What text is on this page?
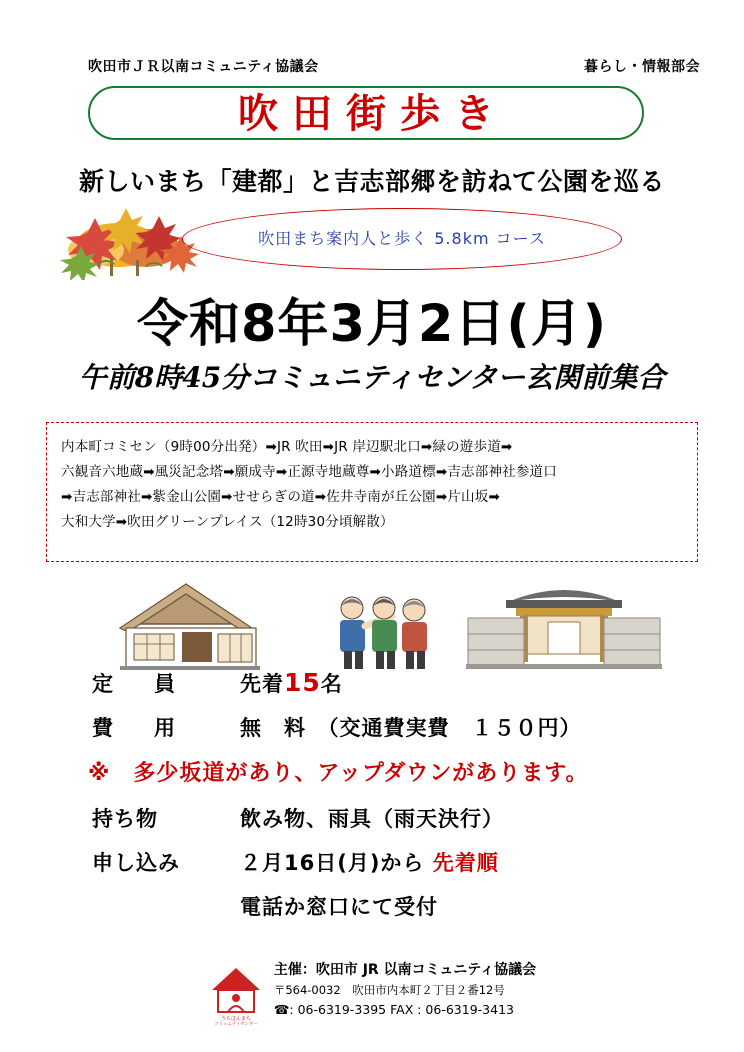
吹田市ＪＲ以南コミュニティ協議会	暮らし・情報部会
吹田街歩き
新しいまち「建都」と吉志部郷を訪ねて公園を巡る
吹田まち案内人と歩く 5.8km コース
令和8年3月2日(月)
午前8時45分コミュニティセンター玄関前集合
内本町コミセン（9時00分出発）➡JR 吹田➡JR 岸辺駅北口➡緑の遊歩道➡
六観音六地蔵➡風災記念塔➡願成寺➡正源寺地蔵尊➡小路道標➡吉志部神社参道口
➡吉志部神社➡紫金山公園➡せせらぎの道➡佐井寺南が丘公園➡片山坂➡
大和大学➡吹田グリーンプレイス（12時30分頃解散）
定　員	先着15名
費　用	無　料　（交通費実費　１５０円）
※　多少坂道があり、アップダウンがあります。
持ち物	飲み物、雨具（雨天決行）
申し込み	２月16日(月)から 先着順
電話か窓口にて受付
うちほんまち
コミュニティセンター
主催：吹田市 JR 以南コミュニティ協議会
〒564-0032　吹田市内本町２丁目２番12号
☎: 06-6319-3395 FAX : 06-6319-3413
